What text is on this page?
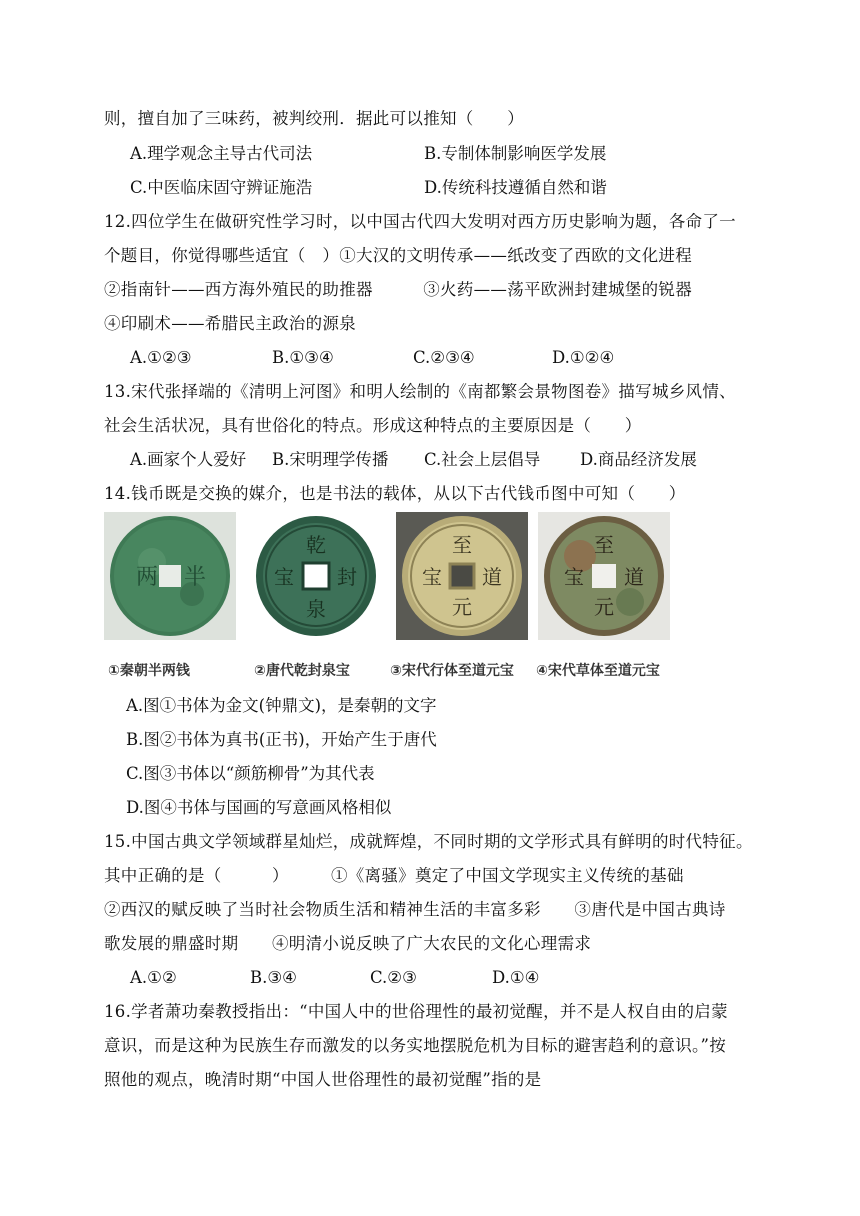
则，擅自加了三味药，被判绞刑．据此可以推知（　　）
A.理学观念主导古代司法	B.专制体制影响医学发展
C.中医临床固守辨证施浩	D.传统科技遵循自然和谐
12.四位学生在做研究性学习时，以中国古代四大发明对西方历史影响为题，各命了一
个题目，你觉得哪些适宜（　）①大汉的文明传承——纸改变了西欧的文化进程
②指南针——西方海外殖民的助推器　　　③火药——荡平欧洲封建城堡的锐器
④印刷术——希腊民主政治的源泉
A.①②③	B.①③④	C.②③④	D.①②④
13.宋代张择端的《清明上河图》和明人绘制的《南都繁会景物图卷》描写城乡风情、
社会生活状况，具有世俗化的特点。形成这种特点的主要原因是（　　）
A.画家个人爱好 B.宋明理学传播 C.社会上层倡导 D.商品经济发展
14.钱币既是交换的媒介，也是书法的载体，从以下古代钱币图中可知（　　）
两 半
乾
封
泉
宝
至
道
元
宝
至
道
元
宝
①秦朝半两钱	②唐代乾封泉宝	③宋代行体至道元宝 ④宋代草体至道元宝
A.图①书体为金文(钟鼎文)，是秦朝的文字
B.图②书体为真书(正书)，开始产生于唐代
C.图③书体以“颜筋柳骨”为其代表
D.图④书体与国画的写意画风格相似
15.中国古典文学领域群星灿烂，成就辉煌，不同时期的文学形式具有鲜明的时代特征。
其中正确的是（　　　）　　　①《离骚》奠定了中国文学现实主义传统的基础
②西汉的赋反映了当时社会物质生活和精神生活的丰富多彩　　③唐代是中国古典诗
歌发展的鼎盛时期　　④明清小说反映了广大农民的文化心理需求
A.①②	B.③④	C.②③	D.①④
16.学者萧功秦教授指出：“中国人中的世俗理性的最初觉醒，并不是人权自由的启蒙
意识，而是这种为民族生存而激发的以务实地摆脱危机为目标的避害趋利的意识。”按
照他的观点，晚清时期“中国人世俗理性的最初觉醒”指的是
